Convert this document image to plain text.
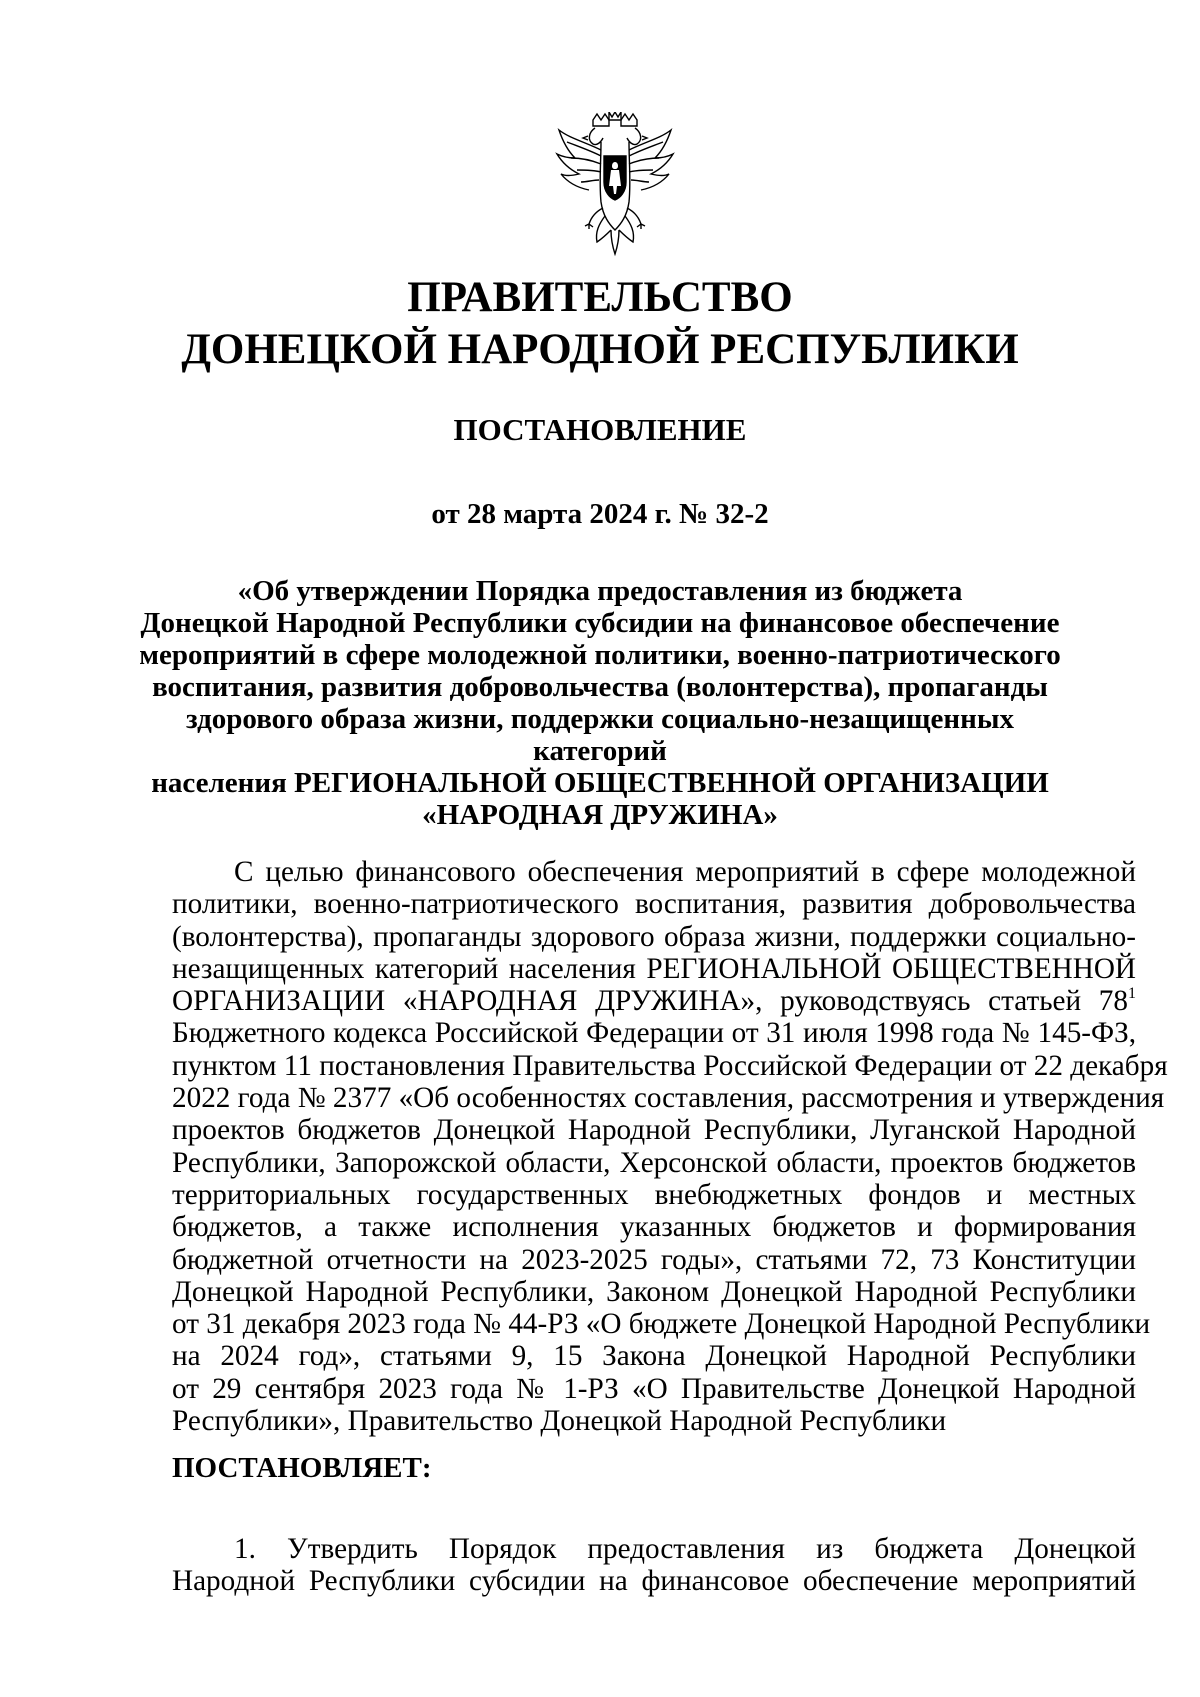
ПРАВИТЕЛЬСТВО
ДОНЕЦКОЙ НАРОДНОЙ РЕСПУБЛИКИ
ПОСТАНОВЛЕНИЕ
от 28 марта 2024 г. № 32-2
«Об утверждении Порядка предоставления из бюджета
Донецкой Народной Республики субсидии на финансовое обеспечение
мероприятий в сфере молодежной политики, военно-патриотического
воспитания, развития добровольчества (волонтерства), пропаганды
здорового образа жизни, поддержки социально-незащищенных категорий
населения РЕГИОНАЛЬНОЙ ОБЩЕСТВЕННОЙ ОРГАНИЗАЦИИ
«НАРОДНАЯ ДРУЖИНА»
С целью финансового обеспечения мероприятий в сфере молодежной
политики, военно-патриотического воспитания, развития добровольчества
(волонтерства), пропаганды здорового образа жизни, поддержки социально-
незащищенных категорий населения РЕГИОНАЛЬНОЙ ОБЩЕСТВЕННОЙ
ОРГАНИЗАЦИИ «НАРОДНАЯ ДРУЖИНА», руководствуясь статьей $78^1$
Бюджетного кодекса Российской Федерации от 31 июля 1998 года № 145-ФЗ,
пунктом 11 постановления Правительства Российской Федерации от 22 декабря
2022 года № 2377 «Об особенностях составления, рассмотрения и утверждения
проектов бюджетов Донецкой Народной Республики, Луганской Народной
Республики, Запорожской области, Херсонской области, проектов бюджетов
территориальных государственных внебюджетных фондов и местных
бюджетов, а также исполнения указанных бюджетов и формирования
бюджетной отчетности на 2023-2025 годы», статьями 72, 73 Конституции
Донецкой Народной Республики, Законом Донецкой Народной Республики
от 31 декабря 2023 года № 44-РЗ «О бюджете Донецкой Народной Республики
на 2024 год», статьями 9, 15 Закона Донецкой Народной Республики
от 29 сентября 2023 года № 1-РЗ «О Правительстве Донецкой Народной
Республики», Правительство Донецкой Народной Республики
ПОСТАНОВЛЯЕТ:
1. Утвердить Порядок предоставления из бюджета Донецкой
Народной Республики субсидии на финансовое обеспечение мероприятий
